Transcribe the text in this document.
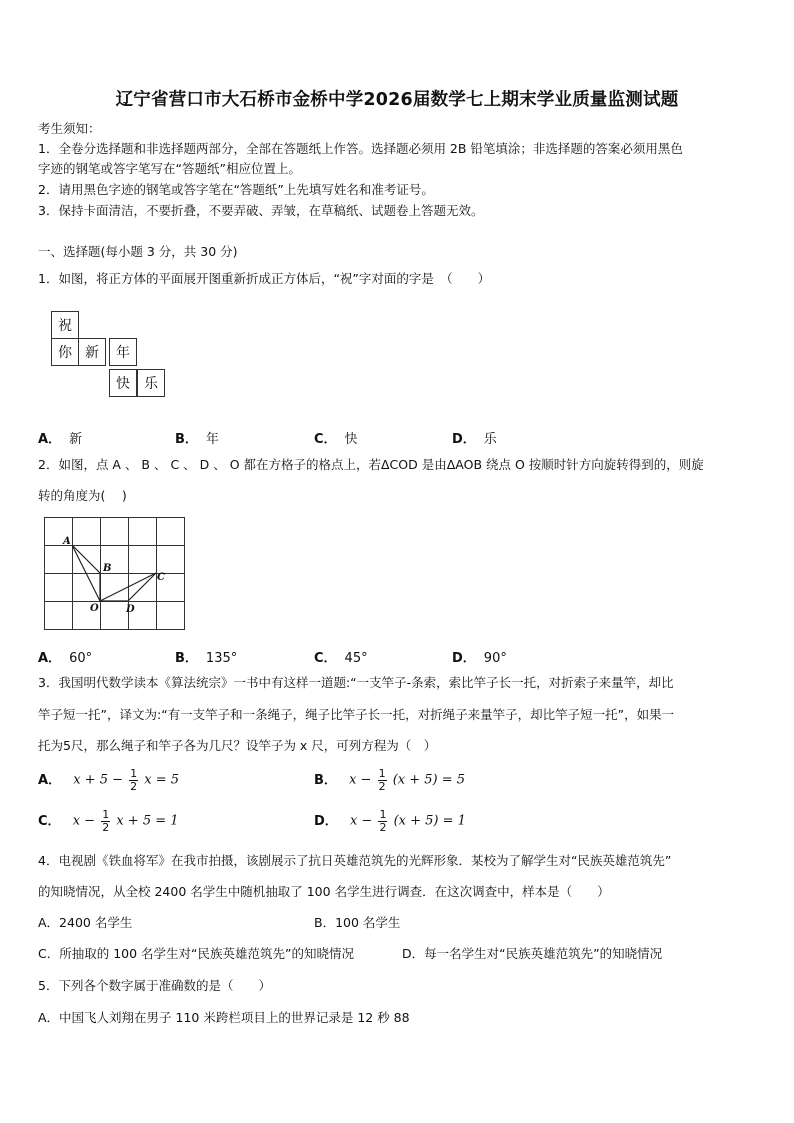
辽宁省营口市大石桥市金桥中学2026届数学七上期末学业质量监测试题
考生须知：
1．全卷分选择题和非选择题两部分，全部在答题纸上作答。选择题必须用 2B 铅笔填涂；非选择题的答案必须用黑色
字迹的钢笔或答字笔写在“答题纸”相应位置上。
2．请用黑色字迹的钢笔或答字笔在“答题纸”上先填写姓名和准考证号。
3．保持卡面清洁，不要折叠，不要弄破、弄皱，在草稿纸、试题卷上答题无效。
一、选择题(每小题 3 分，共 30 分)
1．如图，将正方体的平面展开图重新折成正方体后，“祝”字对面的字是　（　　）
祝
你 新	年
快	乐
A． 新	B． 年	C． 快	D． 乐
2．如图，点 A 、 B 、 C 、 D 、 O 都在方格子的格点上，若ΔCOD 是由ΔAOB 绕点 O 按顺时针方向旋转得到的，则旋
转的角度为(　 )
A
B
C
O	D
A． 60°	B． 135°	C． 45°	D． 90°
3．我国明代数学读本《算法统宗》一书中有这样一道题:“一支竿子-条索，索比竿子长一托，对折索子来量竿，却比
竿子短一托”，译文为:“有一支竿子和一条绳子，绳子比竿子长一托，对折绳子来量竿子，却比竿子短一托”，如果一
托为5尺，那么绳子和竿子各为几尺？设竿子为 x 尺，可列方程为（　）
A． $x + 5 - \frac{1}{2}$ x = 5	B． $x - \frac{1}{2} (x + 5) = 5$
C． $x - \frac{1}{2}$ x + 5 = 1	D． $x - \frac{1}{2} (x + 5) = 1$
4．电视剧《铁血将军》在我市拍摄，该剧展示了抗日英雄范筑先的光辉形象．某校为了解学生对“民族英雄范筑先”
的知晓情况，从全校 2400 名学生中随机抽取了 100 名学生进行调查．在这次调查中，样本是（　　）
A．2400 名学生	B．100 名学生
C．所抽取的 100 名学生对“民族英雄范筑先”的知晓情况	D．每一名学生对“民族英雄范筑先”的知晓情况
5．下列各个数字属于准确数的是（　　）
A．中国飞人刘翔在男子 110 米跨栏项目上的世界记录是 12 秒 88
